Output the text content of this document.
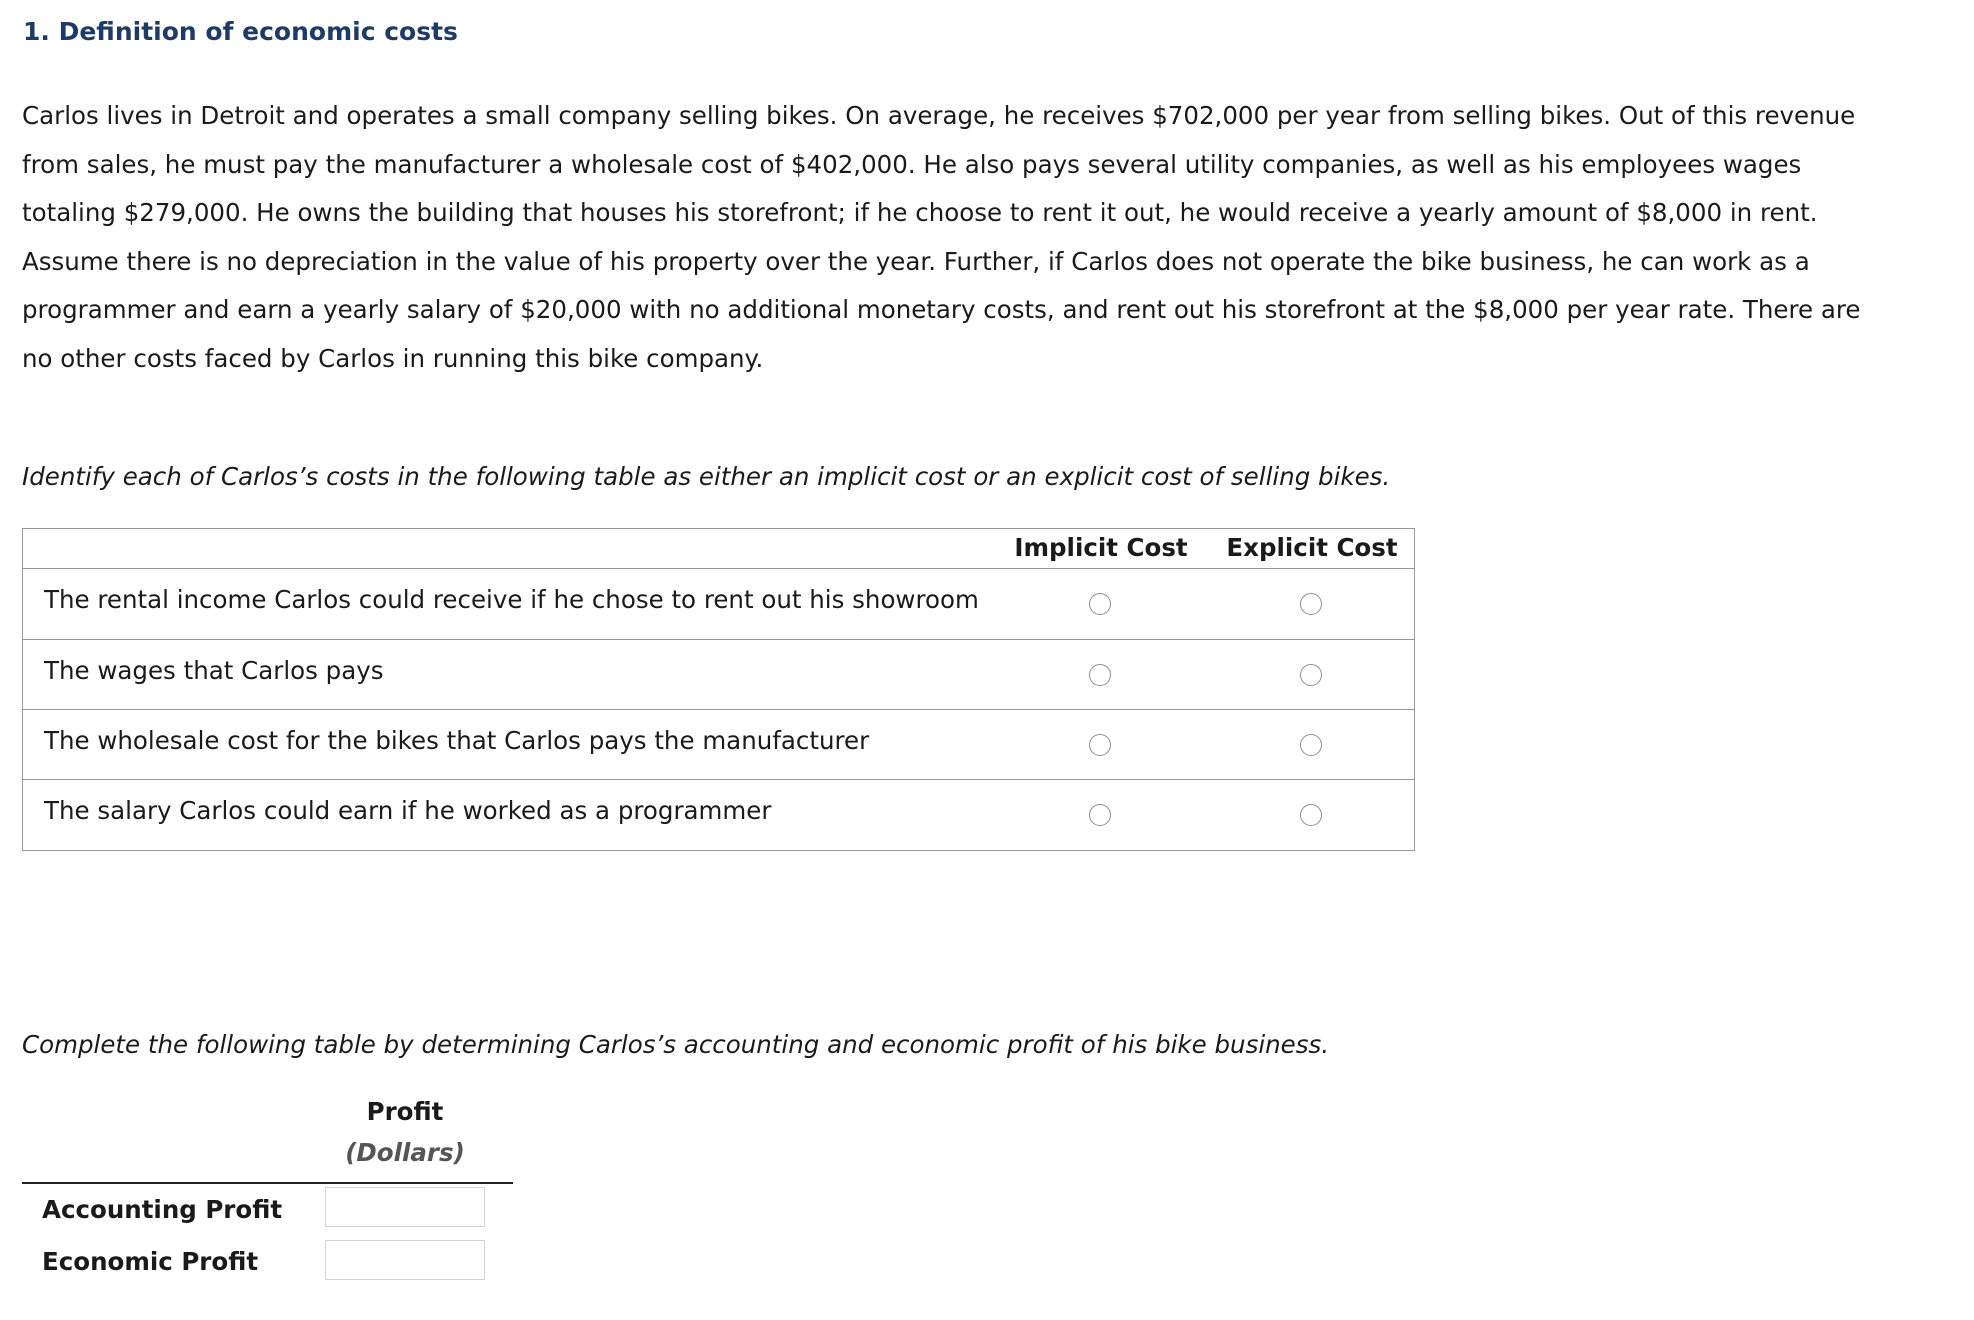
1. Definition of economic costs

Carlos lives in Detroit and operates a small company selling bikes. On average, he receives $702,000 per year from selling bikes. Out of this revenue
from sales, he must pay the manufacturer a wholesale cost of $402,000. He also pays several utility companies, as well as his employees wages
totaling $279,000. He owns the building that houses his storefront; if he choose to rent it out, he would receive a yearly amount of $8,000 in rent.
Assume there is no depreciation in the value of his property over the year. Further, if Carlos does not operate the bike business, he can work as a
programmer and earn a yearly salary of $20,000 with no additional monetary costs, and rent out his storefront at the $8,000 per year rate. There are
no other costs faced by Carlos in running this bike company.

Identify each of Carlos’s costs in the following table as either an implicit cost or an explicit cost of selling bikes.

Implicit Cost	Explicit Cost
The rental income Carlos could receive if he chose to rent out his showroom
The wages that Carlos pays
The wholesale cost for the bikes that Carlos pays the manufacturer
The salary Carlos could earn if he worked as a programmer

Complete the following table by determining Carlos’s accounting and economic profit of his bike business.

Profit
(Dollars)
Accounting Profit
Economic Profit
